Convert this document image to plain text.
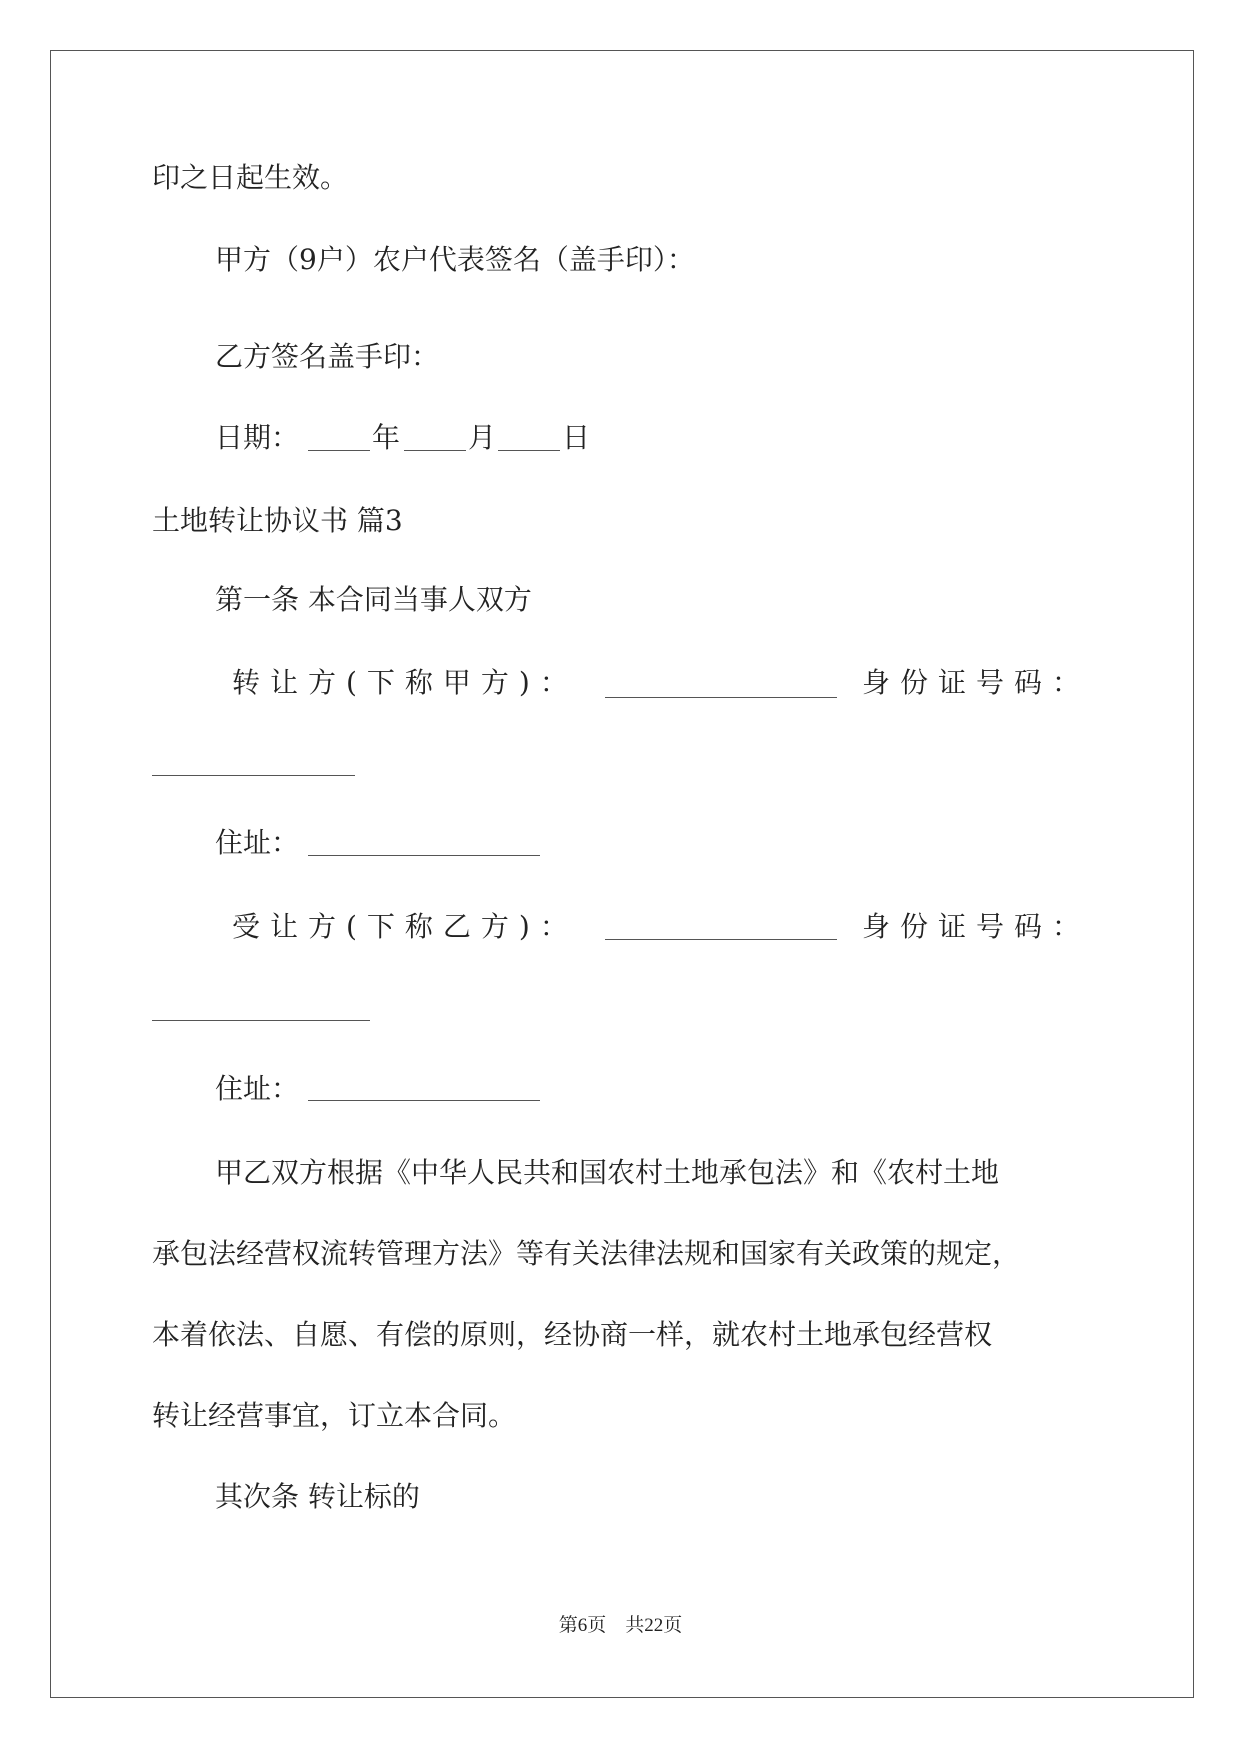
印之日起生效。
甲方（9户）农户代表签名（盖手印）：
乙方签名盖手印：
日期：	年 月 日
土地转让协议书 篇3
第一条 本合同当事人双方
转让方(下称甲方)：	身份证号码：
住址：
受让方(下称乙方)：	身份证号码：
住址：
甲乙双方根据《中华人民共和国农村土地承包法》和《农村土地
承包法经营权流转管理方法》等有关法律法规和国家有关政策的规定，
本着依法、自愿、有偿的原则，经协商一样，就农村土地承包经营权
转让经营事宜，订立本合同。
其次条 转让标的
第6页　共22页
